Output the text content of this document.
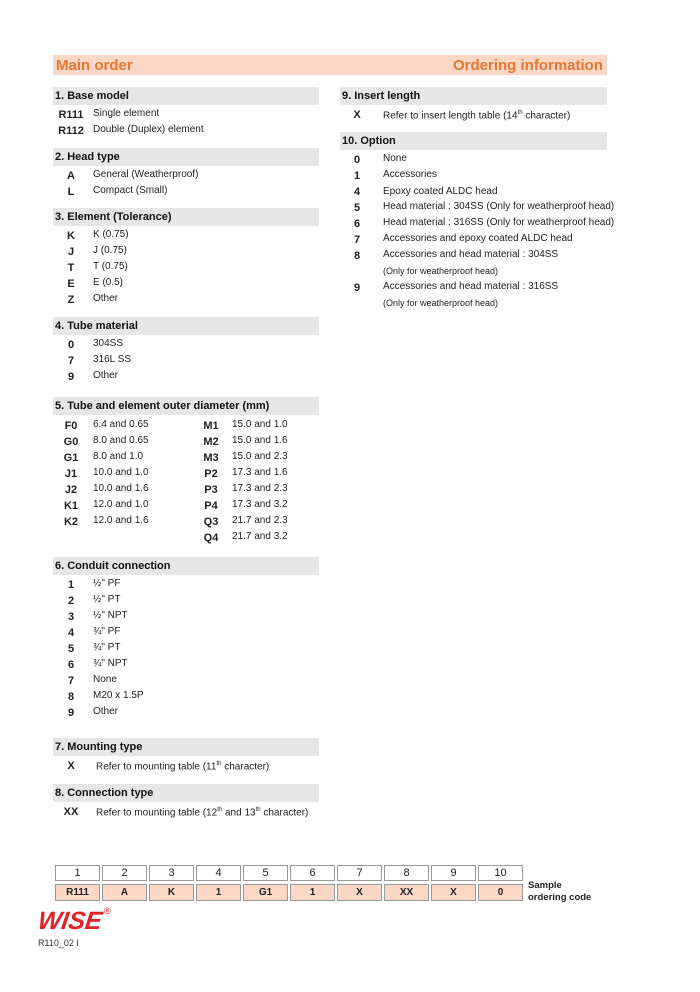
Main order	Ordering information
1. Base model
R111 Single element
R112 Double (Duplex) element
2. Head type
A	General (Weatherproof)
L	Compact (Small)
3. Element (Tolerance)
K	K (0.75)
J	J (0.75)
T	T (0.75)
E	E (0.5)
Z	Other
4. Tube material
0	304SS
7	316L SS
9	Other
5. Tube and element outer diameter (mm)
F0	6.4 and 0.65
G0	8.0 and 0.65
G1	8.0 and 1.0
J1	10.0 and 1.0
J2	10.0 and 1.6
K1	12.0 and 1.0
K2	12.0 and 1.6
M1	15.0 and 1.0
M2	15.0 and 1.6
M3	15.0 and 2.3
P2	17.3 and 1.6
P3	17.3 and 2.3
P4	17.3 and 3.2
Q3	21.7 and 2.3
Q4	21.7 and 3.2
6. Conduit connection
1	½" PF
2	½" PT
3	½" NPT
4	¾" PF
5	¾" PT
6	¾" NPT
7	None
8	M20 x 1.5P
9	Other
7. Mounting type
X	Refer to mounting table (11th character)
8. Connection type
XX	Refer to mounting table (12th and 13th character)
9. Insert length
X	Refer to insert length table (14th character)
10. Option
0	None
1	Accessories
4	Epoxy coated ALDC head
5	Head material : 304SS (Only for weatherproof head)
6	Head material : 316SS (Only for weatherproof head)
7	Accessories and epoxy coated ALDC head
8	Accessories and head material : 304SS
(Only for weatherproof head)
9	Accessories and head material : 316SS
(Only for weatherproof head)
1	2	3	4	5	6	7	8	9	10
R111	A	K	1	G1	1	X	XX	X	0
Sample
ordering code
WISE ®
R110_02 I
